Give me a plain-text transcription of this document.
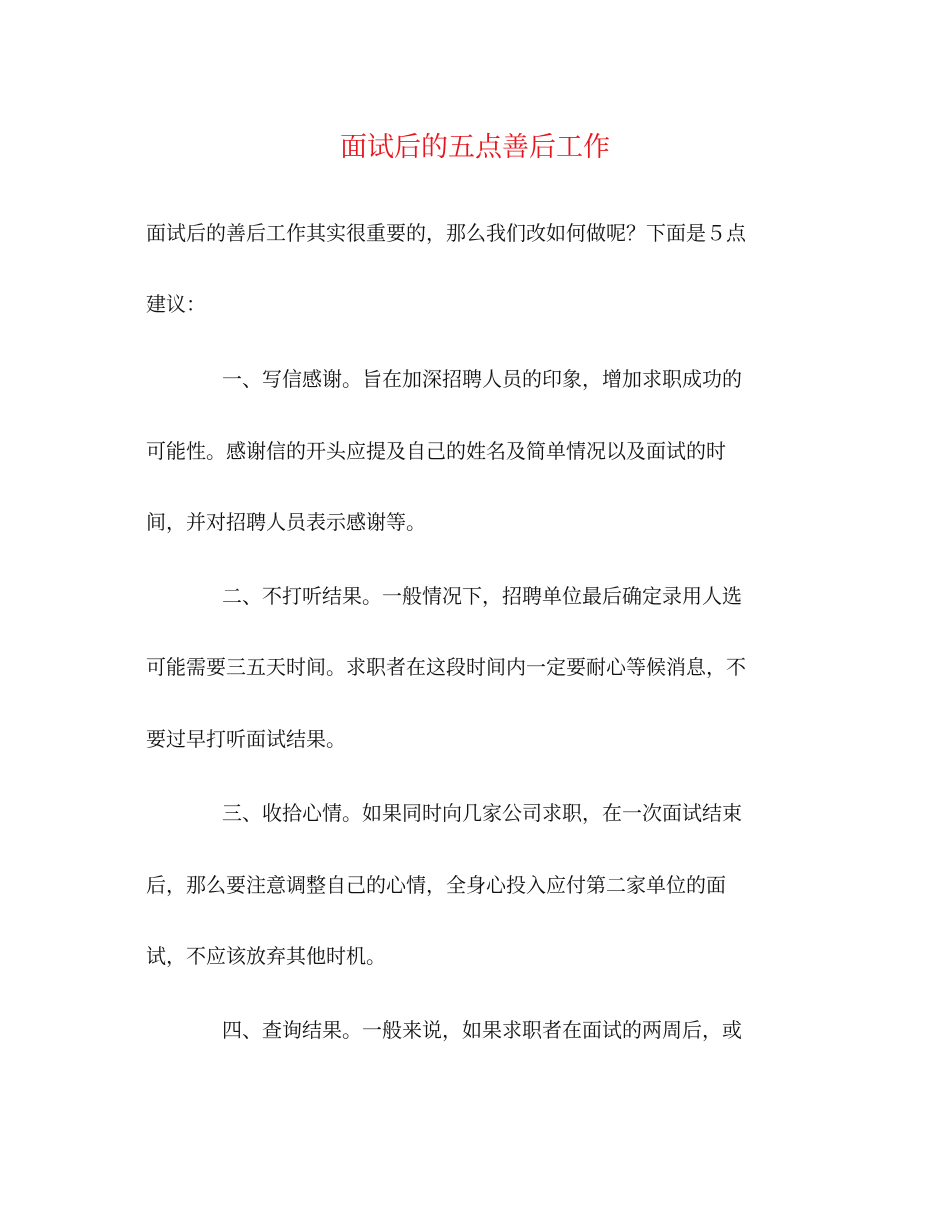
面试后的五点善后工作

面试后的善后工作其实很重要的，那么我们改如何做呢？下面是５点

建议：

一、写信感谢。旨在加深招聘人员的印象，增加求职成功的

可能性。感谢信的开头应提及自己的姓名及简单情况以及面试的时

间，并对招聘人员表示感谢等。

二、不打听结果。一般情况下，招聘单位最后确定录用人选

可能需要三五天时间。求职者在这段时间内一定要耐心等候消息，不

要过早打听面试结果。

三、收拾心情。如果同时向几家公司求职，在一次面试结束

后，那么要注意调整自己的心情，全身心投入应付第二家单位的面

试，不应该放弃其他时机。

四、查询结果。一般来说，如果求职者在面试的两周后，或
